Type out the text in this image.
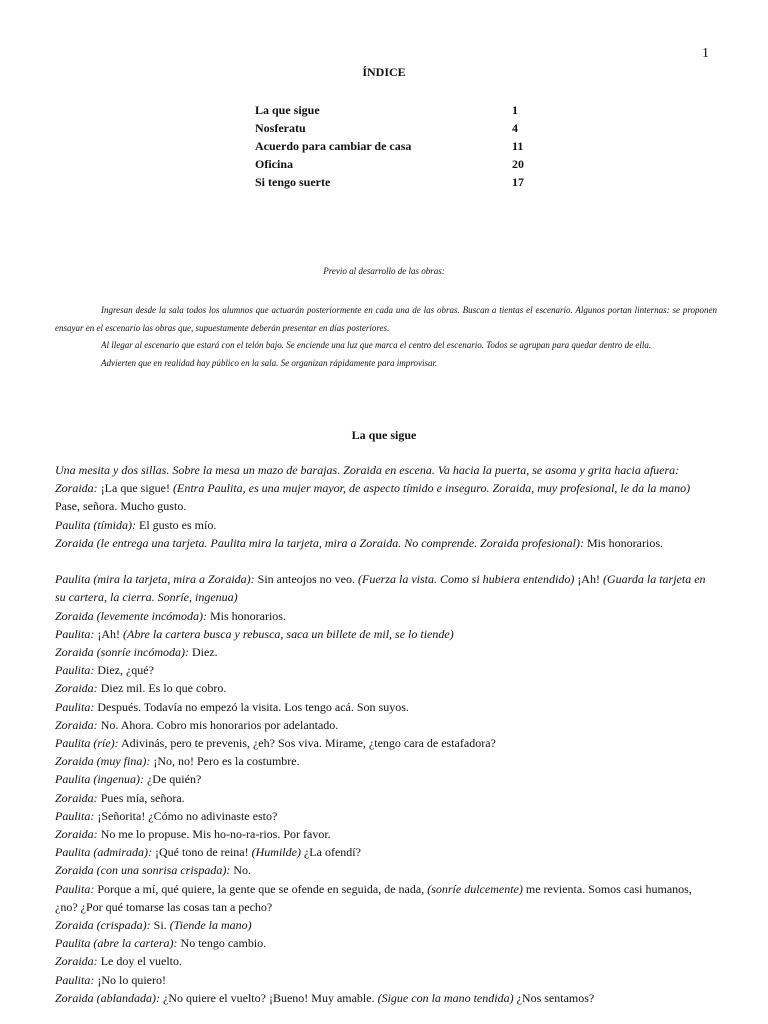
1
ÍNDICE
La que sigue	1
Nosferatu	4
Acuerdo para cambiar de casa	11
Oficina	20
Si tengo suerte	17
Previo al desarrollo de las obras:

Ingresan desde la sala todos los alumnos que actuarán posteriormente en cada una de las obras. Buscan a tientas el escenario. Algunos portan linternas: se proponen ensayar en el escenario las obras que, supuestamente deberán presentar en días posteriores.

Al llegar al escenario que estará con el telón bajo. Se enciende una luz que marca el centro del escenario. Todos se agrupan para quedar dentro de ella.

Advierten que en realidad hay público en la sala. Se organizan rápidamente para improvisar.

La que sigue

Una mesita y dos sillas. Sobre la mesa un mazo de barajas. Zoraida en escena. Va hacia la puerta, se asoma y grita hacia afuera:

Zoraida: ¡La que sigue! (Entra Paulita, es una mujer mayor, de aspecto tímido e inseguro. Zoraida, muy profesional, le da la mano) Pase, señora. Mucho gusto.

Paulita (tímida): El gusto es mío.

Zoraida (le entrega una tarjeta. Paulita mira la tarjeta, mira a Zoraida. No comprende. Zoraida profesional): Mis honorarios.

Paulita (mira la tarjeta, mira a Zoraida): Sin anteojos no veo. (Fuerza la vista. Como si hubiera entendido) ¡Ah! (Guarda la tarjeta en su cartera, la cierra. Sonríe, ingenua)

Zoraida (levemente incómoda): Mis honorarios.

Paulita: ¡Ah! (Abre la cartera busca y rebusca, saca un billete de mil, se lo tiende)

Zoraida (sonríe incómoda): Diez.

Paulita: Diez, ¿qué?

Zoraida: Diez mil. Es lo que cobro.

Paulita: Después. Todavía no empezó la visita. Los tengo acá. Son suyos.

Zoraida: No. Ahora. Cobro mis honorarios por adelantado.

Paulita (ríe): Adivinás, pero te prevenis, ¿eh? Sos viva. Mirame, ¿tengo cara de estafadora?

Zoraida (muy fina): ¡No, no! Pero es la costumbre.

Paulita (ingenua): ¿De quién?

Zoraida: Pues mía, señora.

Paulita: ¡Señorita! ¿Cómo no adivinaste esto?

Zoraida: No me lo propuse. Mis ho-no-ra-rios. Por favor.

Paulita (admirada): ¡Qué tono de reina! (Humilde) ¿La ofendí?

Zoraida (con una sonrisa crispada): No.

Paulita: Porque a mí, qué quiere, la gente que se ofende en seguida, de nada, (sonríe dulcemente) me revienta. Somos casi humanos, ¿no? ¿Por qué tomarse las cosas tan a pecho?

Zoraida (crispada): Si. (Tiende la mano)

Paulita (abre la cartera): No tengo cambio.

Zoraida: Le doy el vuelto.

Paulita: ¡No lo quiero!

Zoraida (ablandada): ¿No quiere el vuelto? ¡Bueno! Muy amable. (Sigue con la mano tendida) ¿Nos sentamos?
